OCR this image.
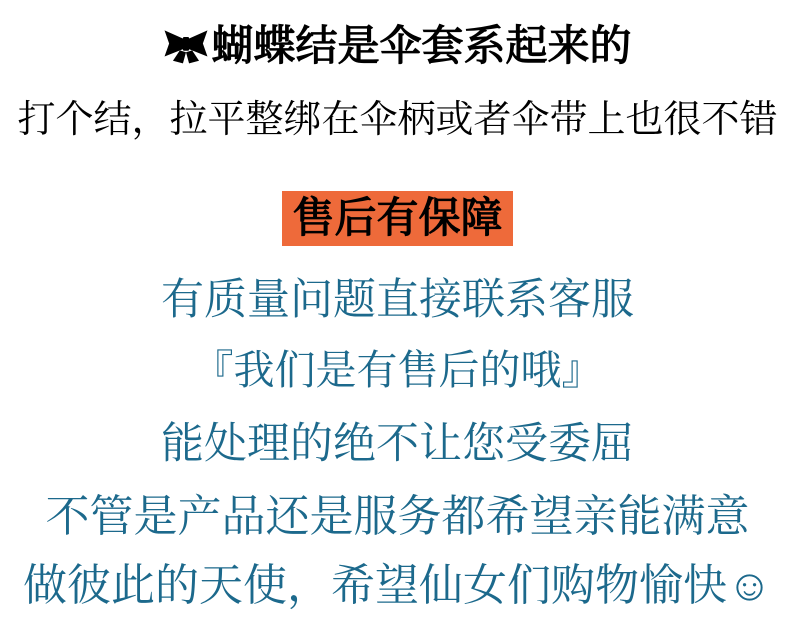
蝴蝶结是伞套系起来的
打个结，拉平整绑在伞柄或者伞带上也很不错
售后有保障
有质量问题直接联系客服
『我们是有售后的哦』
能处理的绝不让您受委屈
不管是产品还是服务都希望亲能满意
做彼此的天使，希望仙女们购物愉快☺
